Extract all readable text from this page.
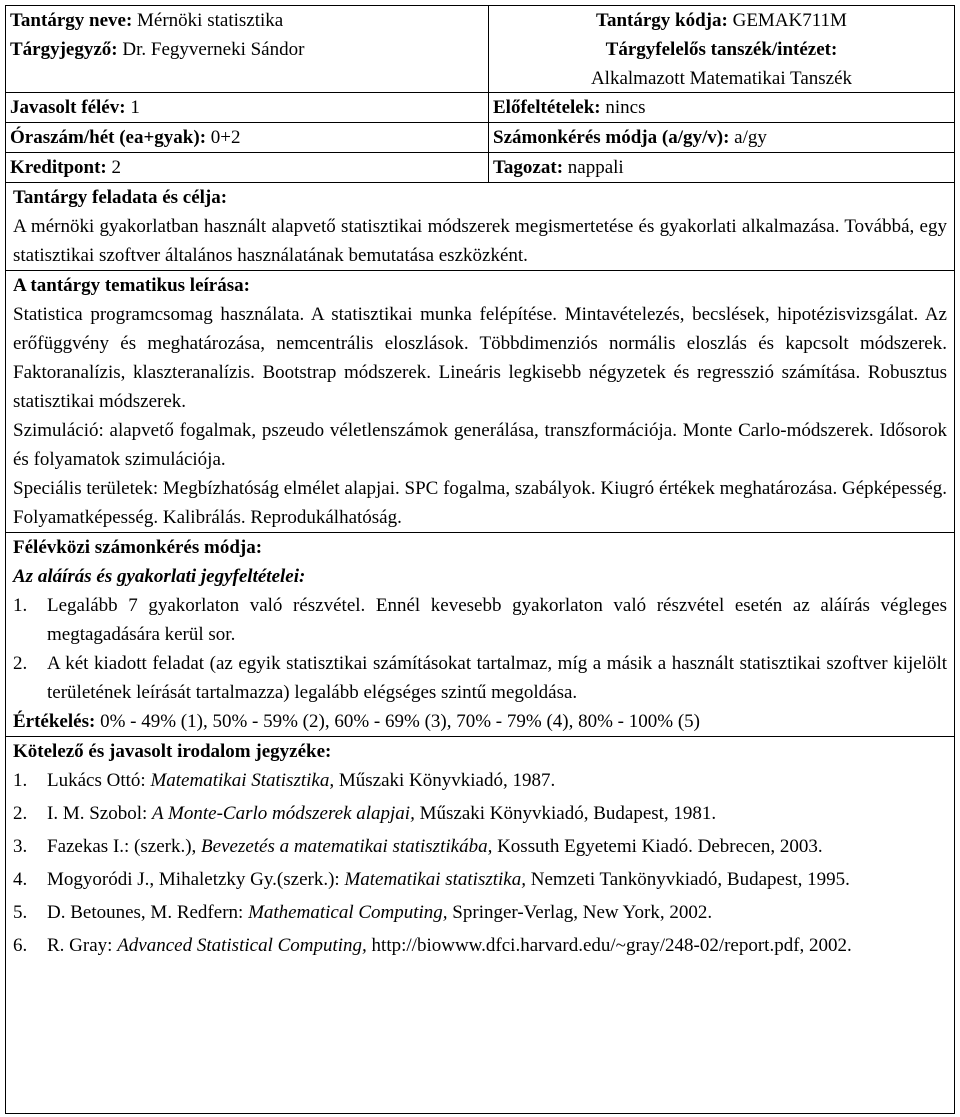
Tantárgy neve: Mérnöki statisztika
Tárgyjegyző: Dr. Fegyverneki Sándor
Tantárgy kódja: GEMAK711M
Tárgyfelelős tanszék/intézet:
Alkalmazott Matematikai Tanszék
Javasolt félév: 1	Előfeltételek: nincs
Óraszám/hét (ea+gyak): 0+2	Számonkérés módja (a/gy/v): a/gy
Kreditpont: 2	Tagozat: nappali
Tantárgy feladata és célja:
A mérnöki gyakorlatban használt alapvető statisztikai módszerek megismertetése és gyakorlati alkalmazása. Továbbá, egy statisztikai szoftver általános használatának bemutatása eszközként.
A tantárgy tematikus leírása:
Statistica programcsomag használata. A statisztikai munka felépítése. Mintavételezés, becslések, hipotézisvizsgálat. Az erőfüggvény és meghatározása, nemcentrális eloszlások. Többdimenziós normális eloszlás és kapcsolt módszerek. Faktoranalízis, klaszteranalízis. Bootstrap módszerek. Lineáris legkisebb négyzetek és regresszió számítása. Robusztus statisztikai módszerek.
Szimuláció: alapvető fogalmak, pszeudo véletlenszámok generálása, transzformációja. Monte Carlo-módszerek. Idősorok és folyamatok szimulációja.
Speciális területek: Megbízhatóság elmélet alapjai. SPC fogalma, szabályok. Kiugró értékek meghatározása. Gépképesség. Folyamatképesség. Kalibrálás. Reprodukálhatóság.
Félévközi számonkérés módja:
Az aláírás és gyakorlati jegyfeltételei:
1.	Legalább 7 gyakorlaton való részvétel. Ennél kevesebb gyakorlaton való részvétel esetén az aláírás végleges megtagadására kerül sor.
2.	A két kiadott feladat (az egyik statisztikai számításokat tartalmaz, míg a másik a használt statisztikai szoftver kijelölt területének leírását tartalmazza) legalább elégséges szintű megoldása.
Értékelés: 0% - 49% (1), 50% - 59% (2), 60% - 69% (3), 70% - 79% (4), 80% - 100% (5)
Kötelező és javasolt irodalom jegyzéke:
1.	Lukács Ottó: Matematikai Statisztika, Műszaki Könyvkiadó, 1987.
2.	I. M. Szobol: A Monte-Carlo módszerek alapjai, Műszaki Könyvkiadó, Budapest, 1981.
3.	Fazekas I.: (szerk.), Bevezetés a matematikai statisztikába, Kossuth Egyetemi Kiadó. Debrecen, 2003.
4.	Mogyoródi J., Mihaletzky Gy.(szerk.): Matematikai statisztika, Nemzeti Tankönyvkiadó, Budapest, 1995.
5.	D. Betounes, M. Redfern: Mathematical Computing, Springer-Verlag, New York, 2002.
6.	R. Gray: Advanced Statistical Computing, http://biowww.dfci.harvard.edu/~gray/248-02/report.pdf, 2002.
